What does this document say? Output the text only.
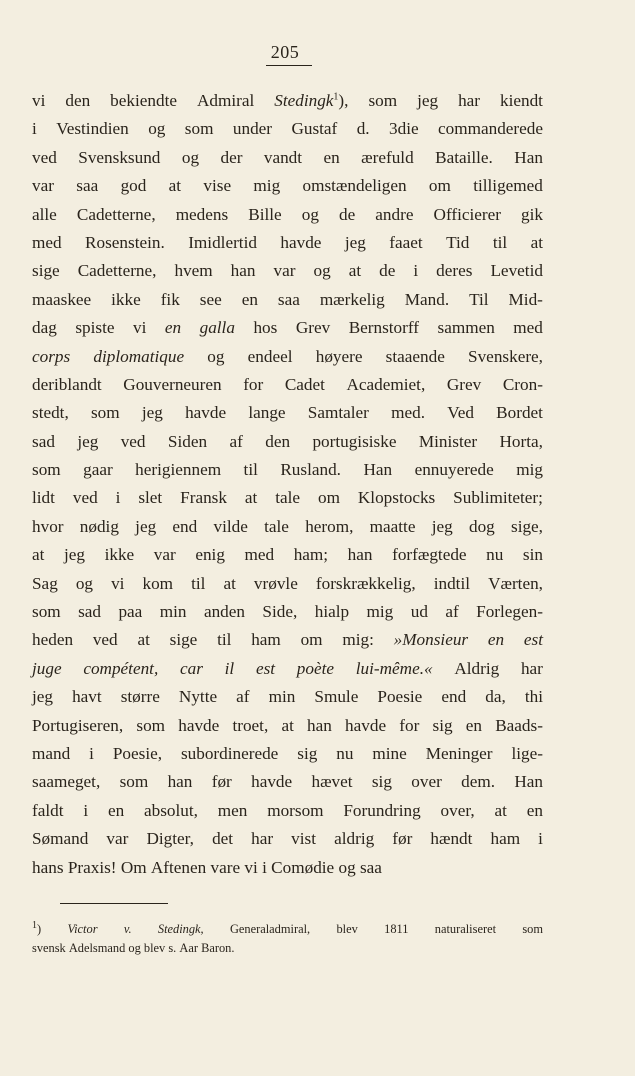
205
vi den bekiendte Admiral Stedingk$^1$), som jeg har kiendt
i Vestindien og som under Gustaf d. 3die commanderede
ved Svensksund og der vandt en ærefuld Bataille. Han
var saa god at vise mig omstændeligen om tilligemed
alle Cadetterne, medens Bille og de andre Officierer gik
med Rosenstein. Imidlertid havde jeg faaet Tid til at
sige Cadetterne, hvem han var og at de i deres Levetid
maaskee ikke fik see en saa mærkelig Mand. Til Mid-
dag spiste vi en galla hos Grev Bernstorff sammen med
corps diplomatique og endeel høyere staaende Svenskere,
deriblandt Gouverneuren for Cadet Academiet, Grev Cron-
stedt, som jeg havde lange Samtaler med. Ved Bordet
sad jeg ved Siden af den portugisiske Minister Horta,
som gaar herigiennem til Rusland. Han ennuyerede mig
lidt ved i slet Fransk at tale om Klopstocks Sublimiteter;
hvor nødig jeg end vilde tale herom, maatte jeg dog sige,
at jeg ikke var enig med ham; han forfægtede nu sin
Sag og vi kom til at vrøvle forskrækkelig, indtil Værten,
som sad paa min anden Side, hialp mig ud af Forlegen-
heden ved at sige til ham om mig: »Monsieur en est
juge compétent, car il est poète lui-même.« Aldrig har
jeg havt større Nytte af min Smule Poesie end da, thi
Portugiseren, som havde troet, at han havde for sig en Baads-
mand i Poesie, subordinerede sig nu mine Meninger lige-
saameget, som han før havde hævet sig over dem. Han
faldt i en absolut, men morsom Forundring over, at en
Sømand var Digter, det har vist aldrig før hændt ham i
hans
Praxis!
Om
Aftenen
vare
vi
i
Comødie
og
saa

$^1$) Victor v. Stedingk, Generaladmiral, blev 1811 naturaliseret som
svensk
Adelsmand
og
blev
s.
Aar
Baron.
